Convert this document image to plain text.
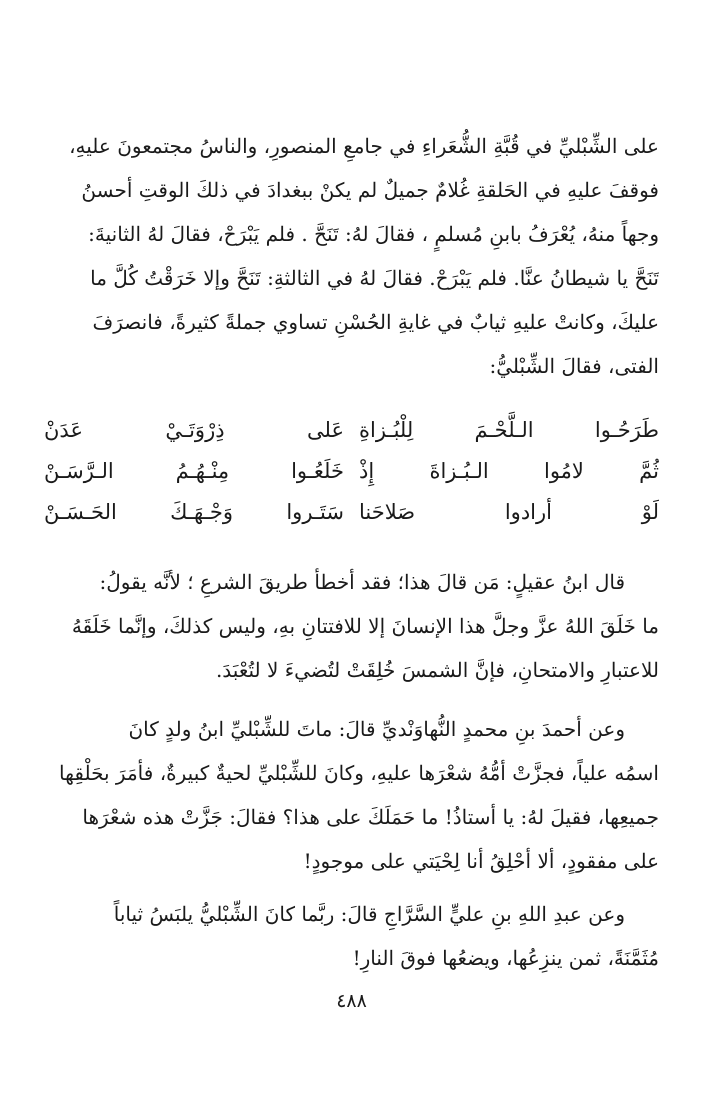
على الشِّبْليِّ في قُبَّةِ الشُّعَراءِ في جامعِ المنصورِ، والناسُ مجتمعونَ عليهِ،
فوقفَ عليهِ في الحَلقةِ غُلامٌ جميلٌ لم يكنْ ببغدادَ في ذلكَ الوقتِ أحسنُ
وجهاً منهُ، يُعْرَفُ بابنِ مُسلمٍ ، فقالَ لهُ: تَنَحَّ . فلم يَبْرَحْ، فقالَ لهُ الثانيةَ:
تَنَحَّ يا شيطانُ عنَّا. فلم يَبْرَحْ. فقالَ لهُ في الثالثةِ: تَنَحَّ وإلا خَرَقْتُ كُلَّ ما
عليكَ، وكانتْ عليهِ ثيابٌ في غايةِ الحُسْنِ تساوي جملةً كثيرةً، فانصرَفَ
الفتى، فقالَ الشِّبْليُّ:
طَرَحُـوا الـلَّحْـمَ لِلْبُـزاةِ
عَلى ذِرْوَتَـيْ عَدَنْ
ثُمَّ لامُوا الـبُـزاةَ إِذْ
خَلَعُـوا مِنْـهُـمُ الـرَّسَـنْ
لَوْ أرادوا صَلاحَنا
سَتَـروا وَجْـهَـكَ الحَـسَـنْ
قال ابنُ عقيلٍ: مَن قالَ هذا؛ فقد أخطأ طريقَ الشرعِ ؛ لأنَّه يقولُ:
ما خَلَقَ اللهُ عزَّ وجلَّ هذا الإنسانَ إلا للافتتانِ بهِ، وليس كذلكَ، وإنَّما خَلَقَهُ
للاعتبارِ والامتحانِ، فإنَّ الشمسَ خُلِقَتْ لتُضيءَ لا لتُعْبَدَ.
وعن أحمدَ بنِ محمدٍ النُّهاوَنْديِّ قالَ: ماتَ للشِّبْليِّ ابنُ ولدٍ كانَ
اسمُه علياً، فجزَّتْ أمُّهُ شعْرَها عليهِ، وكانَ للشِّبْليِّ لحيةٌ كبيرةٌ، فأمَرَ بحَلْقِها
جميعِها، فقيلَ لهُ: يا أستاذُ! ما حَمَلَكَ على هذا؟ فقالَ: جَزَّتْ هذه شعْرَها
على مفقودٍ، ألا أحْلِقُ أنا لِحْيَتي على موجودٍ!
وعن عبدِ اللهِ بنِ عليٍّ السَّرَّاجِ قالَ: ربَّما كانَ الشِّبْليُّ يلبَسُ ثياباً
مُثَمَّنَةً، ثمن ينزِعُها، ويضعُها فوقَ النارِ!
٤٨٨
